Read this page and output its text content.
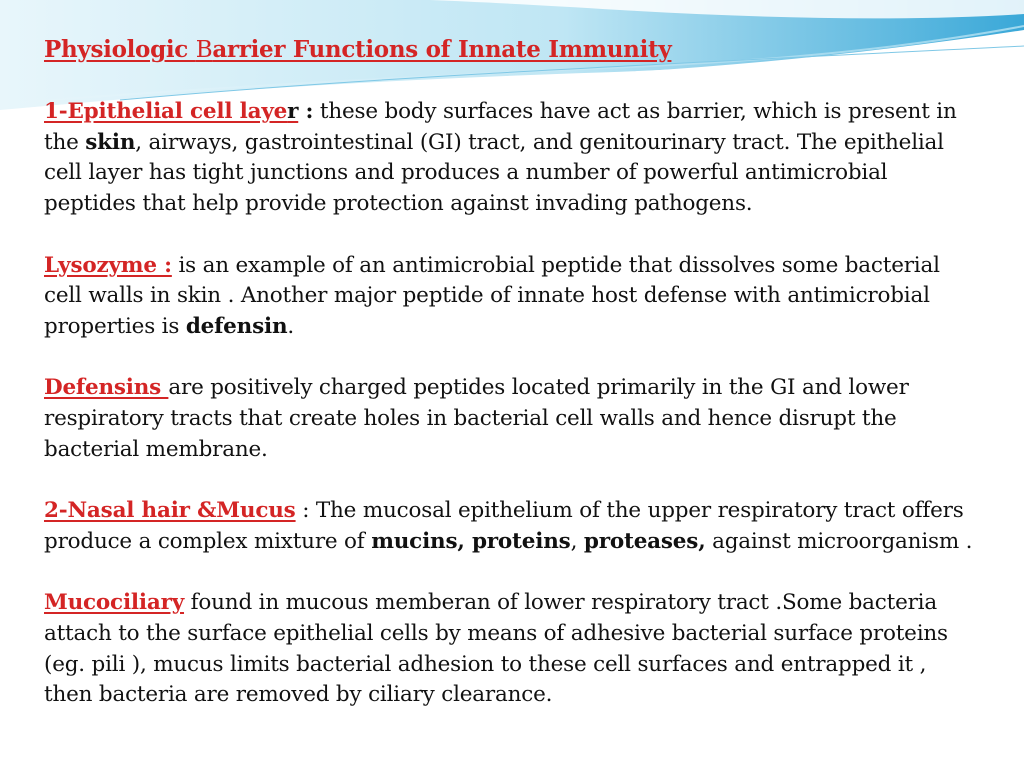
Physiologic Barrier Functions of Innate Immunity

1-Epithelial cell layer : these body surfaces have act as barrier, which is present in the skin, airways, gastrointestinal (GI) tract, and genitourinary tract. The epithelial cell layer has tight junctions and produces a number of powerful antimicrobial peptides that help provide protection against invading pathogens.

Lysozyme : is an example of an antimicrobial peptide that dissolves some bacterial cell walls in skin . Another major peptide of innate host defense with antimicrobial properties is defensin.

Defensins are positively charged peptides located primarily in the GI and lower respiratory tracts that create holes in bacterial cell walls and hence disrupt the bacterial membrane.

2-Nasal hair &Mucus : The mucosal epithelium of the upper respiratory tract offers produce a complex mixture of mucins, proteins, proteases, against microorganism .

Mucociliary found in mucous memberan of lower respiratory tract .Some bacteria attach to the surface epithelial cells by means of adhesive bacterial surface proteins (eg. pili ), mucus limits bacterial adhesion to these cell surfaces and entrapped it , then bacteria are removed by ciliary clearance.
